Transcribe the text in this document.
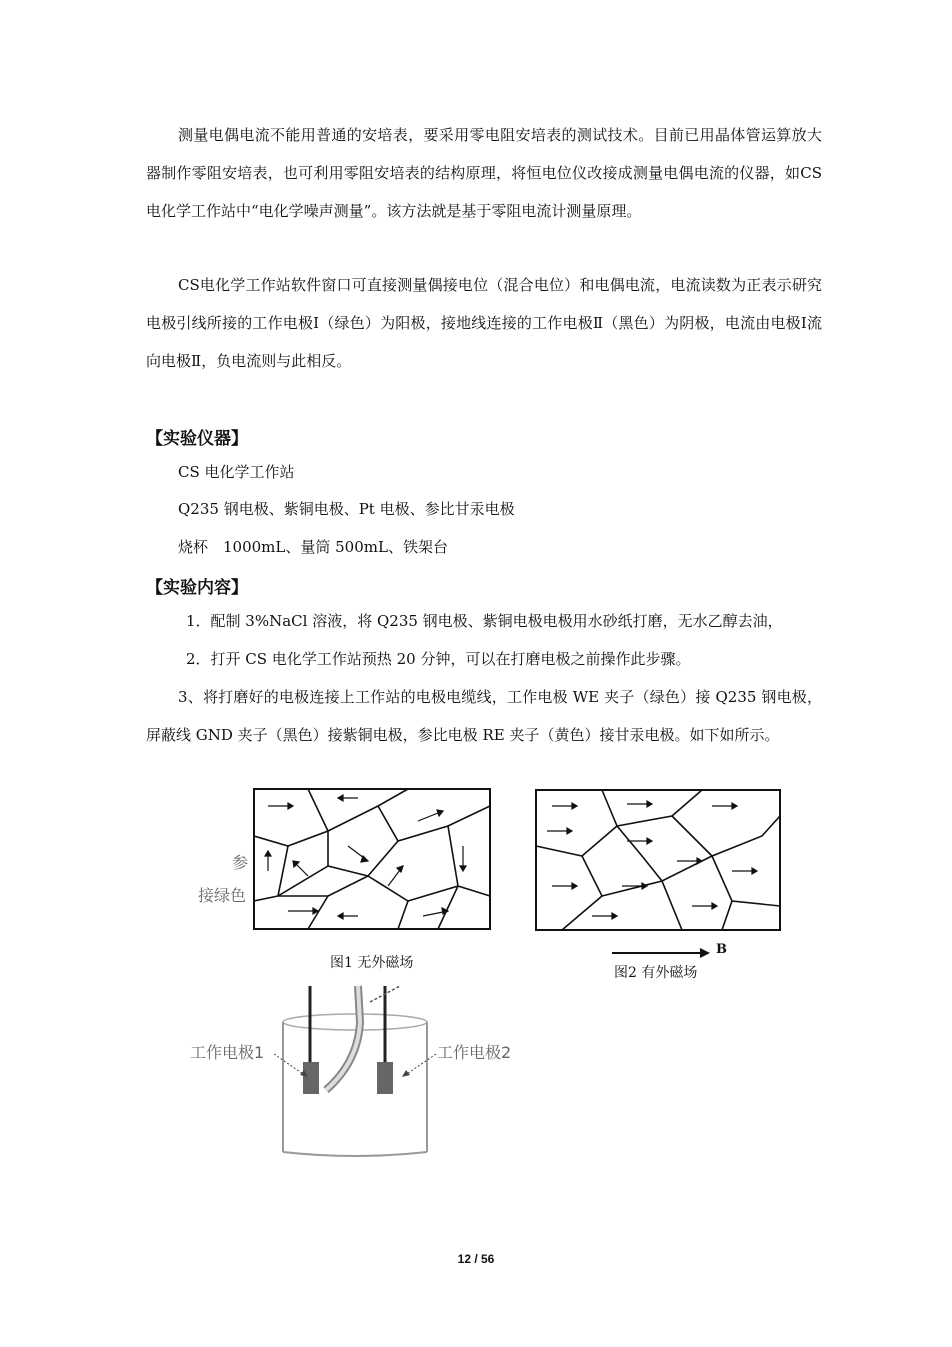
测量电偶电流不能用普通的安培表，要采用零电阻安培表的测试技术。目前已用晶体管运算放大器制作零阻安培表，也可利用零阻安培表的结构原理，将恒电位仪改接成测量电偶电流的仪器，如CS电化学工作站中“电化学噪声测量”。该方法就是基于零阻电流计测量原理。

CS电化学工作站软件窗口可直接测量偶接电位（混合电位）和电偶电流，电流读数为正表示研究电极引线所接的工作电极Ⅰ（绿色）为阳极，接地线连接的工作电极Ⅱ（黑色）为阴极，电流由电极Ⅰ流向电极Ⅱ，负电流则与此相反。

【实验仪器】

CS 电化学工作站

Q235 钢电极、紫铜电极、Pt 电极、参比甘汞电极

烧杯　1000mL、量筒 500mL、铁架台

【实验内容】

1．配制 3%NaCl 溶液，将 Q235 钢电极、紫铜电极电极用水砂纸打磨，无水乙醇去油，

2．打开 CS 电化学工作站预热 20 分钟，可以在打磨电极之前操作此步骤。

3、将打磨好的电极连接上工作站的电极电缆线，工作电极 WE 夹子（绿色）接 Q235 钢电极，屏蔽线 GND 夹子（黑色）接紫铜电极，参比电极 RE 夹子（黄色）接甘汞电极。如下如所示。

图1 无外磁场
B
图2 有外磁场
参
接绿色
工作电极1	工作电极2
12 / 56
